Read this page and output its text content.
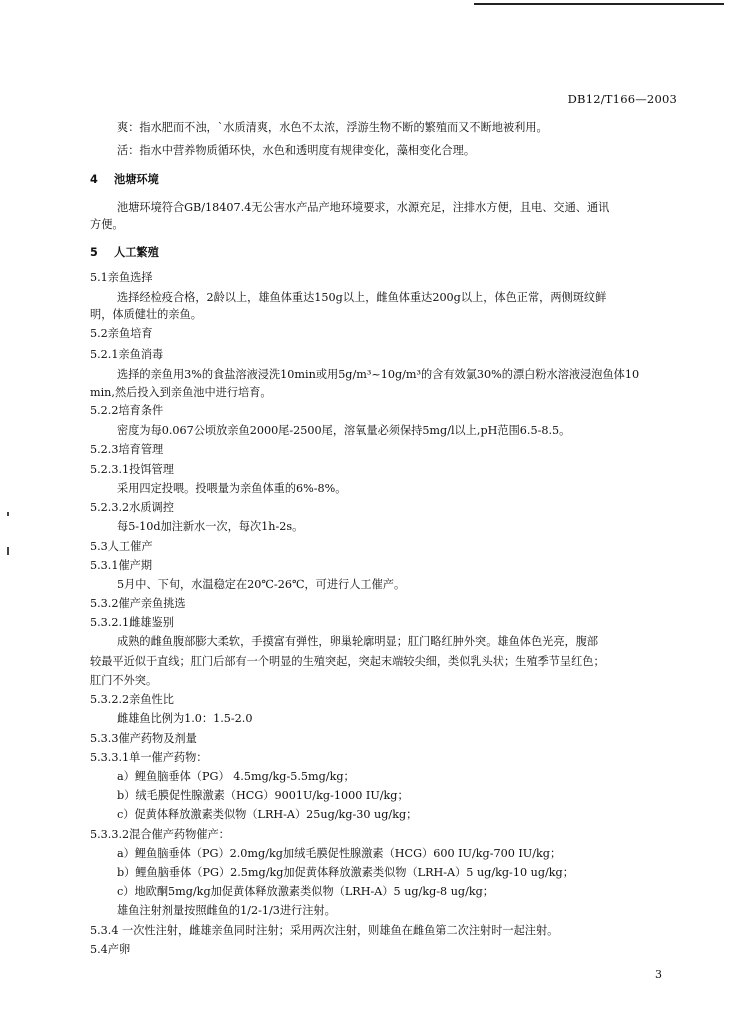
DB12/T166—2003
爽：指水肥而不浊，`水质清爽，水色不太浓，浮游生物不断的繁殖而又不断地被利用。
活：指水中营养物质循环快，水色和透明度有规律变化，藻相变化合理。
4 池塘环境
池塘环境符合GB/18407.4无公害水产品产地环境要求，水源充足，注排水方便，且电、交通、通讯
方便。
5 人工繁殖
5.1亲鱼选择
选择经检疫合格，2龄以上，雄鱼体重达150g以上，雌鱼体重达200g以上，体色正常，两侧斑纹鲜
明，体质健壮的亲鱼。
5.2亲鱼培育
5.2.1亲鱼消毒
选择的亲鱼用3%的食盐溶液浸洗10min或用5g/m³~10g/m³的含有效氯30%的漂白粉水溶液浸泡鱼体10
min,然后投入到亲鱼池中进行培育。
5.2.2培育条件
密度为每0.067公顷放亲鱼2000尾-2500尾，溶氧量必须保持5mg/l以上,pH范围6.5-8.5。
5.2.3培育管理
5.2.3.1投饵管理
采用四定投喂。投喂量为亲鱼体重的6%-8%。
5.2.3.2水质调控
每5-10d加注新水一次，每次1h-2s。
5.3人工催产
5.3.1催产期
5月中、下旬，水温稳定在20℃-26℃，可进行人工催产。
5.3.2催产亲鱼挑选
5.3.2.1雌雄鉴别
成熟的雌鱼腹部膨大柔软，手摸富有弹性，卵巢轮廓明显；肛门略红肿外突。雄鱼体色光亮，腹部
较最平近似于直线；肛门后部有一个明显的生殖突起，突起末端较尖细，类似乳头状；生殖季节呈红色；
肛门不外突。
5.3.2.2亲鱼性比
雌雄鱼比例为1.0：1.5-2.0
5.3.3催产药物及剂量
5.3.3.1单一催产药物：
a）鲤鱼脑垂体（PG） 4.5mg/kg-5.5mg/kg；
b）绒毛膜促性腺激素（HCG）9001U/kg-1000 IU/kg；
c）促黄体释放激素类似物（LRH-A）25ug/kg-30 ug/kg；
5.3.3.2混合催产药物催产：
a）鲤鱼脑垂体（PG）2.0mg/kg加绒毛膜促性腺激素（HCG）600 IU/kg-700 IU/kg；
b）鲤鱼脑垂体（PG）2.5mg/kg加促黄体释放激素类似物（LRH-A）5 ug/kg-10 ug/kg；
c）地欧酮5mg/kg加促黄体释放激素类似物（LRH-A）5 ug/kg-8 ug/kg；
雄鱼注射剂量按照雌鱼的1/2-1/3进行注射。
5.3.4 一次性注射，雌雄亲鱼同时注射；采用两次注射，则雄鱼在雌鱼第二次注射时一起注射。
5.4产卵
3
